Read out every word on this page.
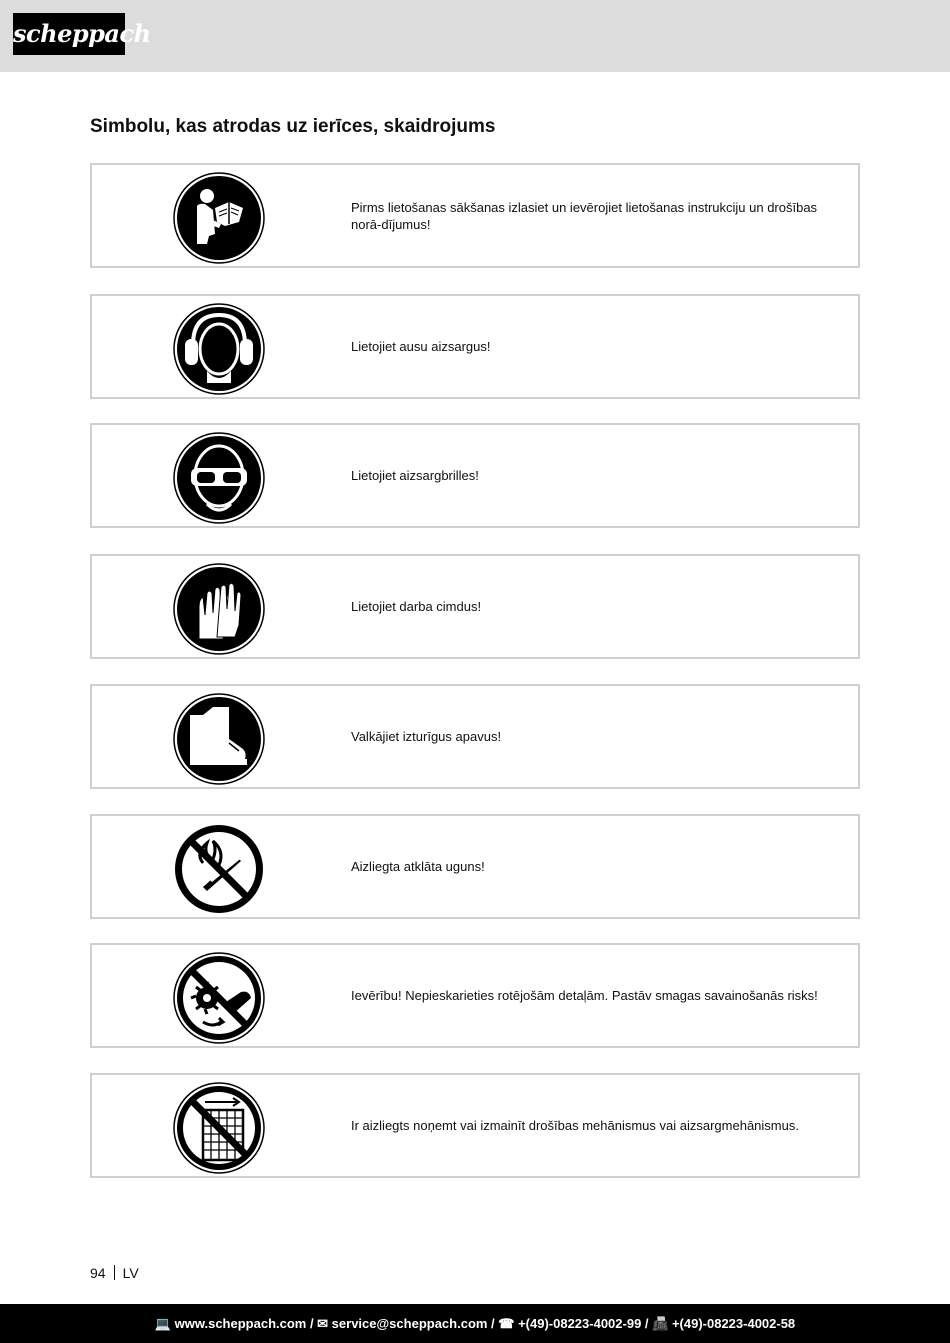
scheppach
Simbolu, kas atrodas uz ierīces, skaidrojums
Pirms lietošanas sākšanas izlasiet un ievērojiet lietošanas instrukciju un drošības norā-dījumus!
Lietojiet ausu aizsargus!
Lietojiet aizsargbrilles!
Lietojiet darba cimdus!
Valkājiet izturīgus apavus!
Aizliegta atklāta uguns!
Ievērību! Nepieskarieties rotējošām detaļām. Pastāv smagas savainošanās risks!
Ir aizliegts noņemt vai izmainīt drošības mehānismus vai aizsargmehānismus.
94 LV
💻 www.scheppach.com / ✉ service@scheppach.com / ☎ +(49)-08223-4002-99 / 📠 +(49)-08223-4002-58
